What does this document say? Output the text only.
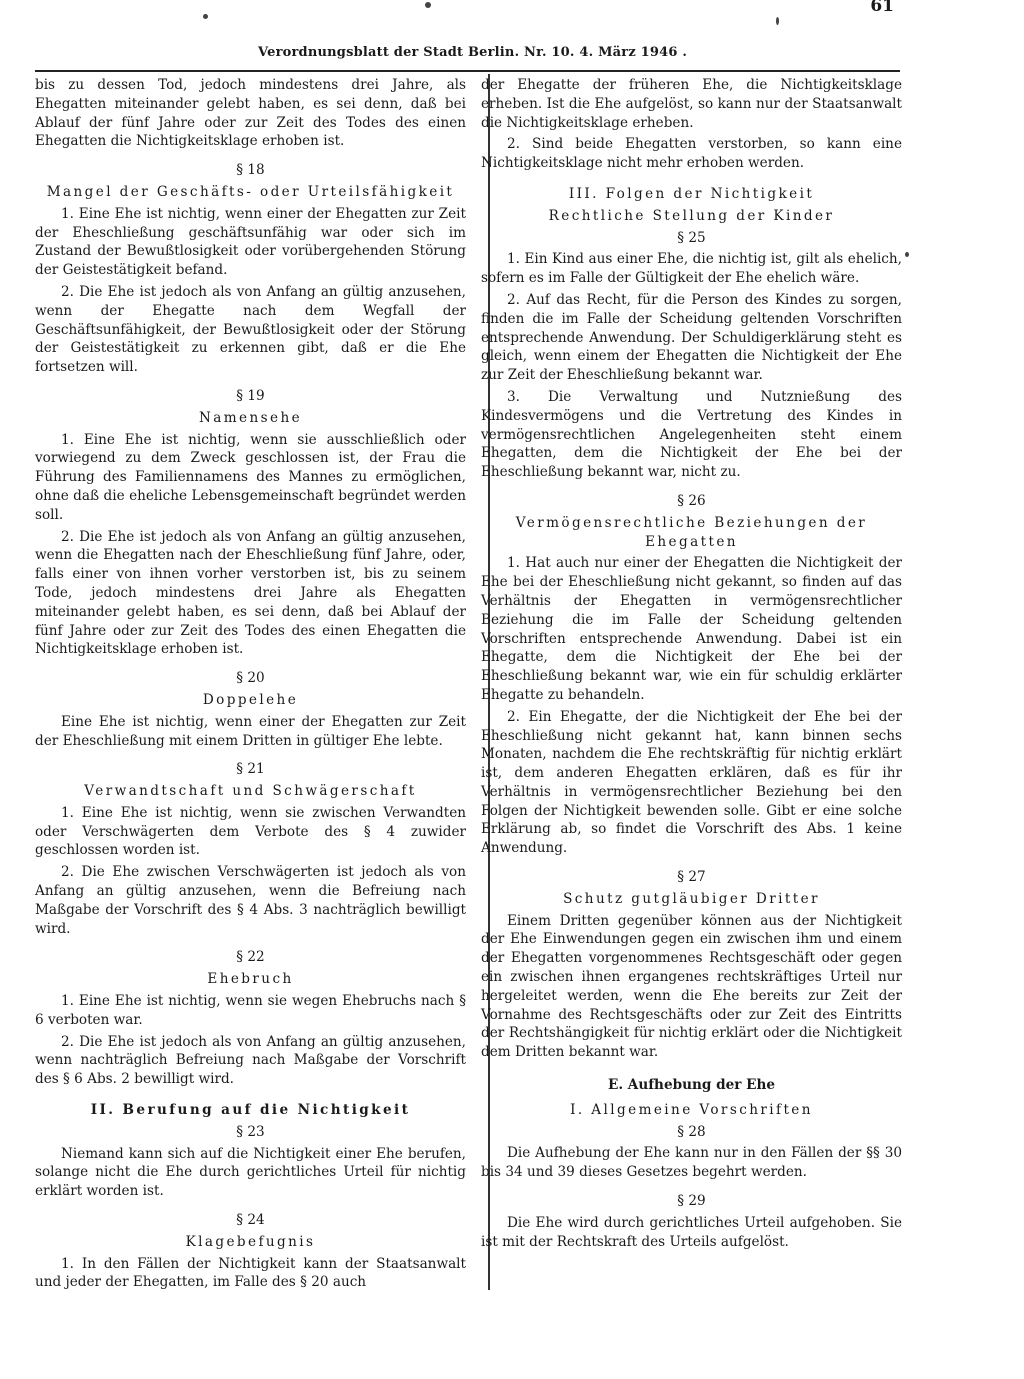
61
Verordnungsblatt der Stadt Berlin. Nr. 10. 4. März 1946 .

bis zu dessen Tod, jedoch mindestens drei Jahre, als Ehegatten miteinander gelebt haben, es sei denn, daß bei Ablauf der fünf Jahre oder zur Zeit des Todes des einen Ehegatten die Nichtigkeitsklage erhoben ist.

§ 18

Mangel der Geschäfts- oder Urteilsfähigkeit

1. Eine Ehe ist nichtig, wenn einer der Ehegatten zur Zeit der Eheschließung geschäftsunfähig war oder sich im Zustand der Bewußtlosigkeit oder vorübergehenden Störung der Geistestätigkeit befand.

2. Die Ehe ist jedoch als von Anfang an gültig anzusehen, wenn der Ehegatte nach dem Wegfall der Geschäftsunfähigkeit, der Bewußtlosigkeit oder der Störung der Geistestätigkeit zu erkennen gibt, daß er die Ehe fortsetzen will.

§ 19

Namensehe

1. Eine Ehe ist nichtig, wenn sie ausschließlich oder vorwiegend zu dem Zweck geschlossen ist, der Frau die Führung des Familiennamens des Mannes zu ermöglichen, ohne daß die eheliche Lebensgemeinschaft begründet werden soll.

2. Die Ehe ist jedoch als von Anfang an gültig anzusehen, wenn die Ehegatten nach der Eheschließung fünf Jahre, oder, falls einer von ihnen vorher verstorben ist, bis zu seinem Tode, jedoch mindestens drei Jahre als Ehegatten miteinander gelebt haben, es sei denn, daß bei Ablauf der fünf Jahre oder zur Zeit des Todes des einen Ehegatten die Nichtigkeitsklage erhoben ist.

§ 20

Doppelehe

Eine Ehe ist nichtig, wenn einer der Ehegatten zur Zeit der Eheschließung mit einem Dritten in gültiger Ehe lebte.

§ 21

Verwandtschaft und Schwägerschaft

1. Eine Ehe ist nichtig, wenn sie zwischen Verwandten oder Verschwägerten dem Verbote des § 4 zuwider geschlossen worden ist.

2. Die Ehe zwischen Verschwägerten ist jedoch als von Anfang an gültig anzusehen, wenn die Befreiung nach Maßgabe der Vorschrift des § 4 Abs. 3 nachträglich bewilligt wird.

§ 22

Ehebruch

1. Eine Ehe ist nichtig, wenn sie wegen Ehebruchs nach § 6 verboten war.

2. Die Ehe ist jedoch als von Anfang an gültig anzusehen, wenn nachträglich Befreiung nach Maßgabe der Vorschrift des § 6 Abs. 2 bewilligt wird.

II. Berufung auf die Nichtigkeit

§ 23

Niemand kann sich auf die Nichtigkeit einer Ehe berufen, solange nicht die Ehe durch gerichtliches Urteil für nichtig erklärt worden ist.

§ 24

Klagebefugnis

1. In den Fällen der Nichtigkeit kann der Staatsanwalt und jeder der Ehegatten, im Falle des § 20 auch

der Ehegatte der früheren Ehe, die Nichtigkeitsklage erheben. Ist die Ehe aufgelöst, so kann nur der Staatsanwalt die Nichtigkeitsklage erheben.

2. Sind beide Ehegatten verstorben, so kann eine Nichtigkeitsklage nicht mehr erhoben werden.

III. Folgen der Nichtigkeit

Rechtliche Stellung der Kinder

§ 25

1. Ein Kind aus einer Ehe, die nichtig ist, gilt als ehelich, sofern es im Falle der Gültigkeit der Ehe ehelich wäre.

2. Auf das Recht, für die Person des Kindes zu sorgen, finden die im Falle der Scheidung geltenden Vorschriften entsprechende Anwendung. Der Schuldigerklärung steht es gleich, wenn einem der Ehegatten die Nichtigkeit der Ehe zur Zeit der Eheschließung bekannt war.

3. Die Verwaltung und Nutznießung des Kindesvermögens und die Vertretung des Kindes in vermögensrechtlichen Angelegenheiten steht einem Ehegatten, dem die Nichtigkeit der Ehe bei der Eheschließung bekannt war, nicht zu.

§ 26

Vermögensrechtliche Beziehungen der Ehegatten

1. Hat auch nur einer der Ehegatten die Nichtigkeit der Ehe bei der Eheschließung nicht gekannt, so finden auf das Verhältnis der Ehegatten in vermögensrechtlicher Beziehung die im Falle der Scheidung geltenden Vorschriften entsprechende Anwendung. Dabei ist ein Ehegatte, dem die Nichtigkeit der Ehe bei der Eheschließung bekannt war, wie ein für schuldig erklärter Ehegatte zu behandeln.

2. Ein Ehegatte, der die Nichtigkeit der Ehe bei der Eheschließung nicht gekannt hat, kann binnen sechs Monaten, nachdem die Ehe rechtskräftig für nichtig erklärt ist, dem anderen Ehegatten erklären, daß es für ihr Verhältnis in vermögensrechtlicher Beziehung bei den Folgen der Nichtigkeit bewenden solle. Gibt er eine solche Erklärung ab, so findet die Vorschrift des Abs. 1 keine Anwendung.

§ 27

Schutz gutgläubiger Dritter

Einem Dritten gegenüber können aus der Nichtigkeit der Ehe Einwendungen gegen ein zwischen ihm und einem der Ehegatten vorgenommenes Rechtsgeschäft oder gegen ein zwischen ihnen ergangenes rechtskräftiges Urteil nur hergeleitet werden, wenn die Ehe bereits zur Zeit der Vornahme des Rechtsgeschäfts oder zur Zeit des Eintritts der Rechtshängigkeit für nichtig erklärt oder die Nichtigkeit dem Dritten bekannt war.

E. Aufhebung der Ehe

I. Allgemeine Vorschriften

§ 28

Die Aufhebung der Ehe kann nur in den Fällen der §§ 30 bis 34 und 39 dieses Gesetzes begehrt werden.

§ 29

Die Ehe wird durch gerichtliches Urteil aufgehoben. Sie ist mit der Rechtskraft des Urteils aufgelöst.
